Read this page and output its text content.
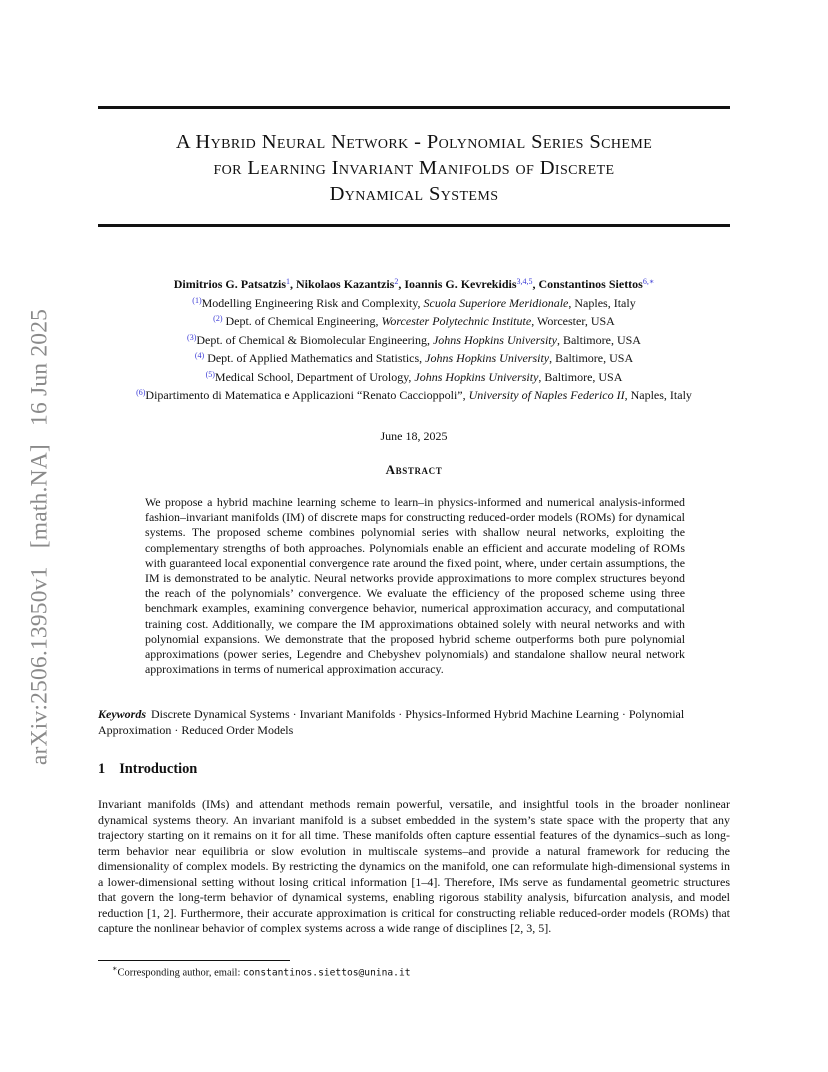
arXiv:2506.13950v1 [math.NA] 16 Jun 2025
A Hybrid Neural Network - Polynomial Series Scheme
for Learning Invariant Manifolds of Discrete
Dynamical Systems
Dimitrios G. Patsatzis$^1$, Nikolaos Kazantzis$^2$, Ioannis G. Kevrekidis$^{3,4,5}$, Constantinos Siettos$^{6,∗}$
$^{(1)}$Modelling Engineering Risk and Complexity, Scuola Superiore Meridionale, Naples, Italy
$^{(2)}$ Dept. of Chemical Engineering, Worcester Polytechnic Institute, Worcester, USA
$^{(3)}$Dept. of Chemical & Biomolecular Engineering, Johns Hopkins University, Baltimore, USA
$^{(4)}$ Dept. of Applied Mathematics and Statistics, Johns Hopkins University, Baltimore, USA
$^{(5)}$Medical School, Department of Urology, Johns Hopkins University, Baltimore, USA
$^{(6)}$Dipartimento di Matematica e Applicazioni “Renato Caccioppoli”, University of Naples Federico II, Naples, Italy
June 18, 2025
Abstract
We propose a hybrid machine learning scheme to learn–in physics-informed and numerical analysis-informed fashion–invariant manifolds (IM) of discrete maps for constructing reduced-order models (ROMs) for dynamical systems. The proposed scheme combines polynomial series with shallow neural networks, exploiting the complementary strengths of both approaches. Polynomials enable an efficient and accurate modeling of ROMs with guaranteed local exponential convergence rate around the fixed point, where, under certain assumptions, the IM is demonstrated to be analytic. Neural networks provide approximations to more complex structures beyond the reach of the polynomials’ convergence. We evaluate the efficiency of the proposed scheme using three benchmark examples, examining convergence behavior, numerical approximation accuracy, and computational training cost. Additionally, we compare the IM approximations obtained solely with neural networks and with polynomial expansions. We demonstrate that the proposed hybrid scheme outperforms both pure polynomial approximations (power series, Legendre and Chebyshev polynomials) and standalone shallow neural network approximations in terms of numerical approximation accuracy.
Keywords Discrete Dynamical Systems · Invariant Manifolds · Physics-Informed Hybrid Machine Learning · Polynomial Approximation · Reduced Order Models
1 Introduction
Invariant manifolds (IMs) and attendant methods remain powerful, versatile, and insightful tools in the broader nonlinear dynamical systems theory. An invariant manifold is a subset embedded in the system’s state space with the property that any trajectory starting on it remains on it for all time. These manifolds often capture essential features of the dynamics–such as long-term behavior near equilibria or slow evolution in multiscale systems–and provide a natural framework for reducing the dimensionality of complex models. By restricting the dynamics on the manifold, one can reformulate high-dimensional systems in a lower-dimensional setting without losing critical information [1–4]. Therefore, IMs serve as fundamental geometric structures that govern the long-term behavior of dynamical systems, enabling rigorous stability analysis, bifurcation analysis, and model reduction [1, 2]. Furthermore, their accurate approximation is critical for constructing reliable reduced-order models (ROMs) that capture the nonlinear behavior of complex systems across a wide range of disciplines [2, 3, 5].
∗Corresponding author, email: constantinos.siettos@unina.it
